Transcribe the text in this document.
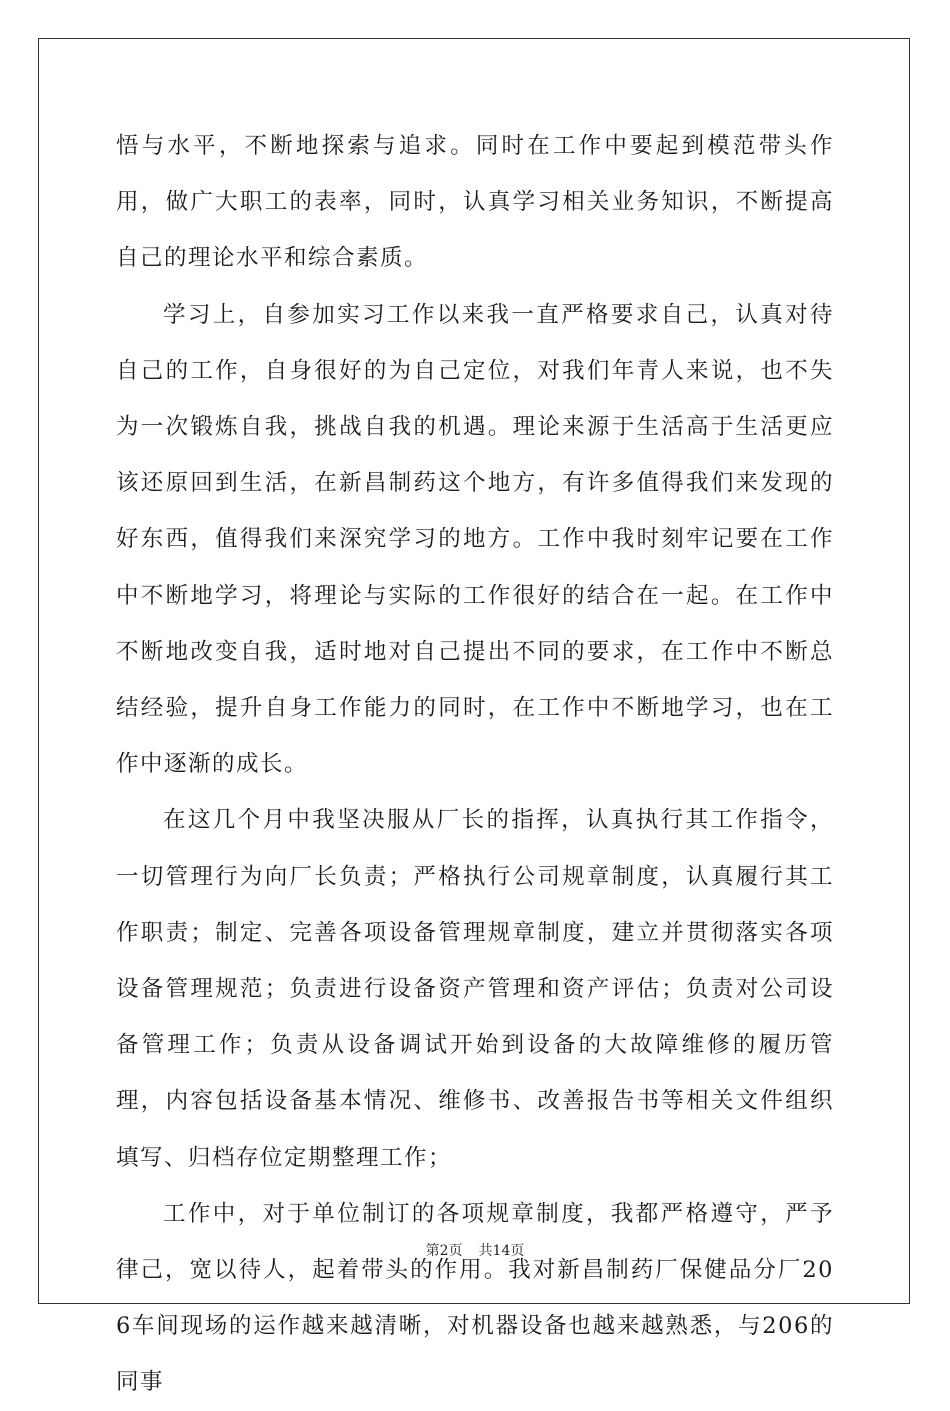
悟与水平，不断地探索与追求。同时在工作中要起到模范带头作用，做广大职工的表率，同时，认真学习相关业务知识，不断提高自己的理论水平和综合素质。

学习上，自参加实习工作以来我一直严格要求自己，认真对待自己的工作，自身很好的为自己定位，对我们年青人来说，也不失为一次锻炼自我，挑战自我的机遇。理论来源于生活高于生活更应该还原回到生活，在新昌制药这个地方，有许多值得我们来发现的好东西，值得我们来深究学习的地方。工作中我时刻牢记要在工作中不断地学习，将理论与实际的工作很好的结合在一起。在工作中不断地改变自我，适时地对自己提出不同的要求，在工作中不断总结经验，提升自身工作能力的同时，在工作中不断地学习，也在工作中逐渐的成长。

在这几个月中我坚决服从厂长的指挥，认真执行其工作指令，一切管理行为向厂长负责；严格执行公司规章制度，认真履行其工作职责；制定、完善各项设备管理规章制度，建立并贯彻落实各项设备管理规范；负责进行设备资产管理和资产评估；负责对公司设备管理工作；负责从设备调试开始到设备的大故障维修的履历管理，内容包括设备基本情况、维修书、改善报告书等相关文件组织填写、归档存位定期整理工作；

工作中，对于单位制订的各项规章制度，我都严格遵守，严予律己，宽以待人，起着带头的作用。我对新昌制药厂保健品分厂206车间现场的运作越来越清晰，对机器设备也越来越熟悉，与206的同事

第2页 共14页
